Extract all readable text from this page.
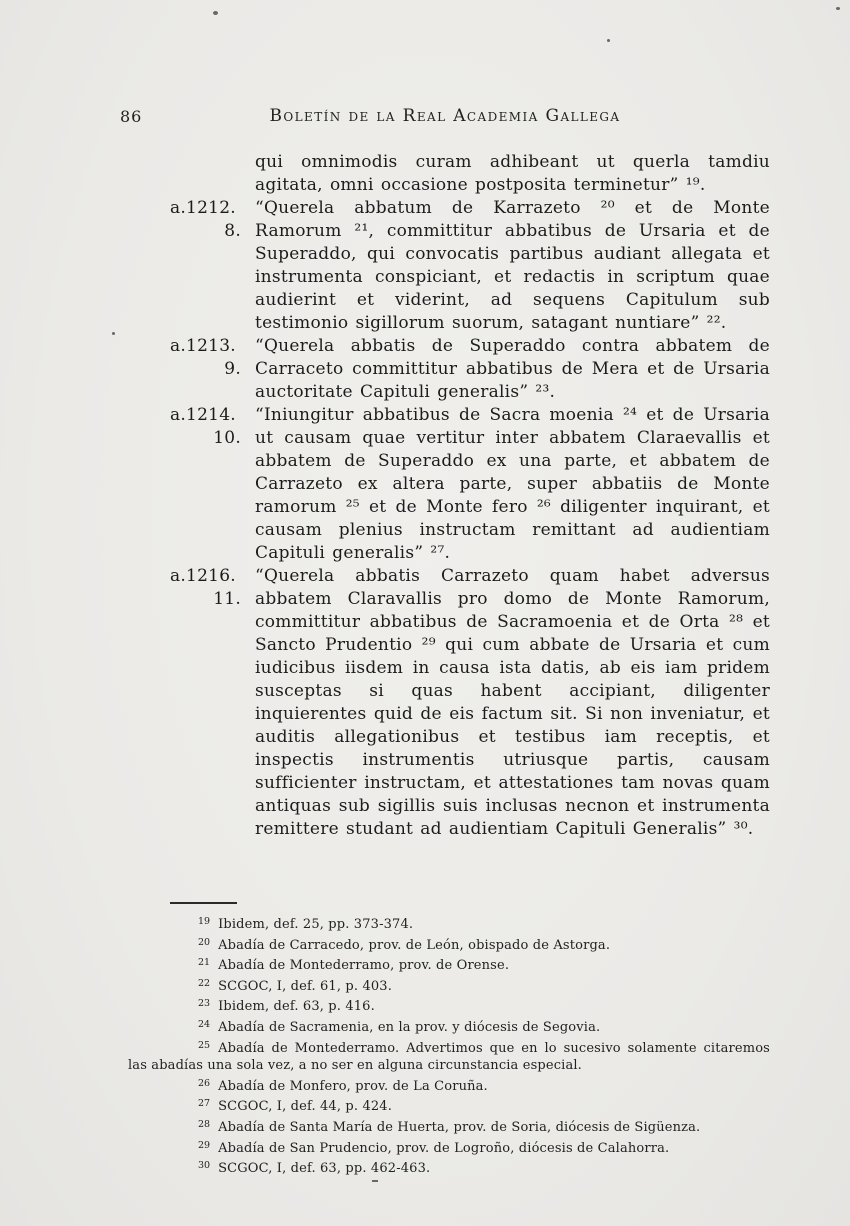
86	Boletín de la Real Academia Gallega
qui omnimodis curam adhibeant ut querla tamdiu agitata, omni occasione postposita terminetur” ¹⁹.
a.1212.
8.
“Querela abbatum de Karrazeto ²⁰ et de Monte Ramorum ²¹, committitur abbatibus de Ursaria et de Superaddo, qui convocatis partibus audiant allegata et instrumenta conspiciant, et redactis in scriptum quae audierint et viderint, ad sequens Capitulum sub testimonio sigillorum suorum, satagant nuntiare” ²².
a.1213.
9.
“Querela abbatis de Superaddo contra abbatem de Carraceto committitur abbatibus de Mera et de Ursaria auctoritate Capituli generalis” ²³.
a.1214.
10.
“Iniungitur abbatibus de Sacra moenia ²⁴ et de Ursaria ut causam quae vertitur inter abbatem Claraevallis et abbatem de Superaddo ex una parte, et abbatem de Carrazeto ex altera parte, super abbatiis de Monte ramorum ²⁵ et de Monte fero ²⁶ diligenter inquirant, et causam plenius instructam remittant ad audientiam Capituli generalis” ²⁷.
a.1216.
11.
“Querela abbatis Carrazeto quam habet adversus abbatem Claravallis pro domo de Monte Ramorum, committitur abbatibus de Sacramoenia et de Orta ²⁸ et Sancto Prudentio ²⁹ qui cum abbate de Ursaria et cum iudicibus iisdem in causa ista datis, ab eis iam pridem susceptas si quas habent accipiant, diligenter inquierentes quid de eis factum sit. Si non inveniatur, et auditis allegationibus et testibus iam receptis, et inspectis instrumentis utriusque partis, causam sufficienter instructam, et attestationes tam novas quam antiquas sub sigillis suis inclusas necnon et instrumenta remittere studant ad audientiam Capituli Generalis” ³⁰.

$^{19}$ Ibidem, def. 25, pp. 373-374.

$^{20}$ Abadía de Carracedo, prov. de León, obispado de Astorga.

$^{21}$ Abadía de Montederramo, prov. de Orense.

$^{22}$ SCGOC, I, def. 61, p. 403.

$^{23}$ Ibidem, def. 63, p. 416.

$^{24}$ Abadía de Sacramenia, en la prov. y diócesis de Segovia.

$^{25}$ Abadía de Montederramo. Advertimos que en lo sucesivo solamente citaremos las abadías una sola vez, a no ser en alguna circunstancia especial.

$^{26}$ Abadía de Monfero, prov. de La Coruña.

$^{27}$ SCGOC, I, def. 44, p. 424.

$^{28}$ Abadía de Santa María de Huerta, prov. de Soria, diócesis de Sigüenza.

$^{29}$ Abadía de San Prudencio, prov. de Logroño, diócesis de Calahorra.

$^{30}$ SCGOC, I, def. 63, pp. 462-463.
